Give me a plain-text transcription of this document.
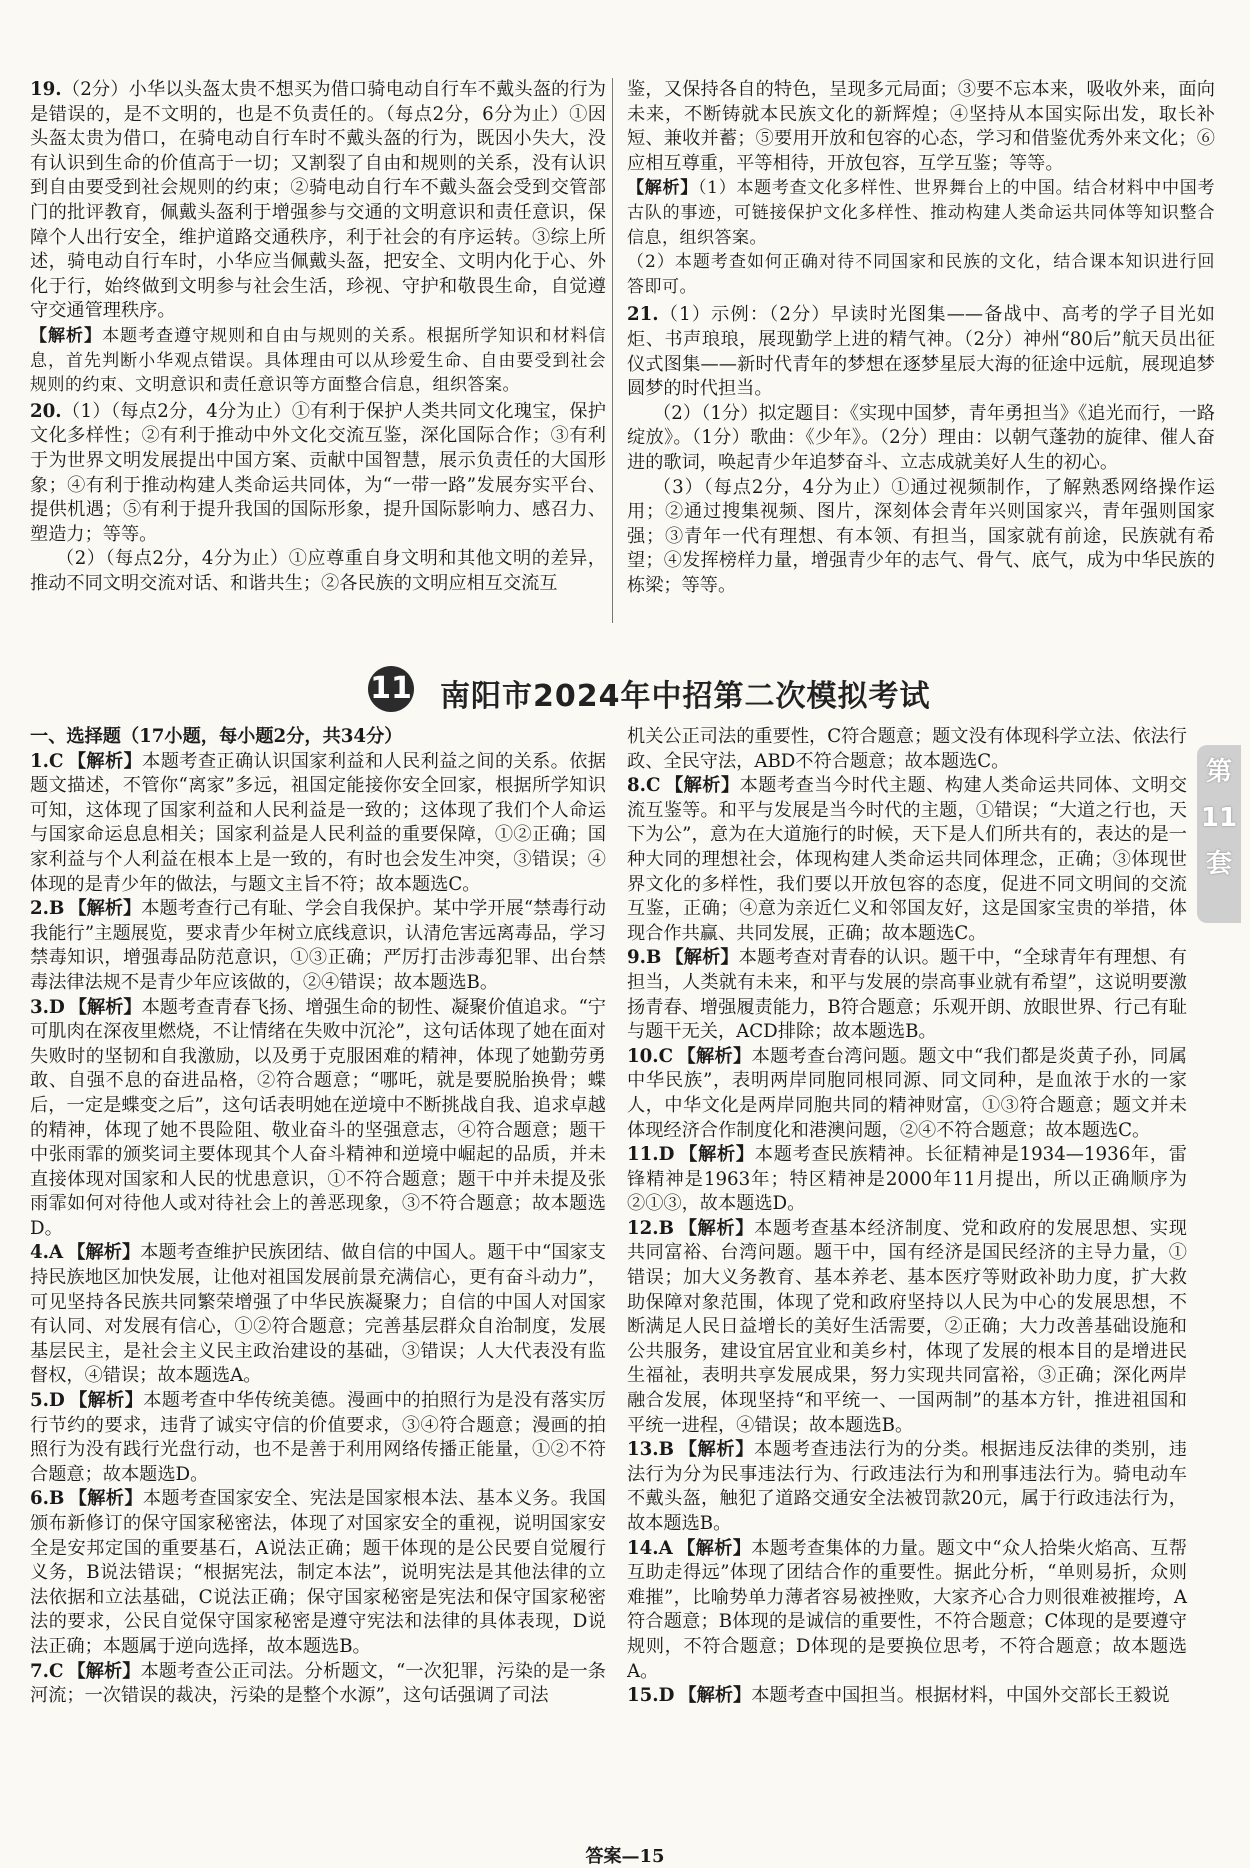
19.（2分）小华以头盔太贵不想买为借口骑电动自行车不戴头盔的行为是错误的，是不文明的，也是不负责任的。（每点2分，6分为止）①因头盔太贵为借口，在骑电动自行车时不戴头盔的行为，既因小失大，没有认识到生命的价值高于一切；又割裂了自由和规则的关系，没有认识到自由要受到社会规则的约束；②骑电动自行车不戴头盔会受到交管部门的批评教育，佩戴头盔利于增强参与交通的文明意识和责任意识，保障个人出行安全，维护道路交通秩序，利于社会的有序运转。③综上所述，骑电动自行车时，小华应当佩戴头盔，把安全、文明内化于心、外化于行，始终做到文明参与社会生活，珍视、守护和敬畏生命，自觉遵守交通管理秩序。

【解析】本题考查遵守规则和自由与规则的关系。根据所学知识和材料信息，首先判断小华观点错误。具体理由可以从珍爱生命、自由要受到社会规则的约束、文明意识和责任意识等方面整合信息，组织答案。

20.（1）（每点2分，4分为止）①有利于保护人类共同文化瑰宝，保护文化多样性；②有利于推动中外文化交流互鉴，深化国际合作；③有利于为世界文明发展提出中国方案、贡献中国智慧，展示负责任的大国形象；④有利于推动构建人类命运共同体，为“一带一路”发展夯实平台、提供机遇；⑤有利于提升我国的国际形象，提升国际影响力、感召力、塑造力；等等。

（2）（每点2分，4分为止）①应尊重自身文明和其他文明的差异，推动不同文明交流对话、和谐共生；②各民族的文明应相互交流互

鉴，又保持各自的特色，呈现多元局面；③要不忘本来，吸收外来，面向未来，不断铸就本民族文化的新辉煌；④坚持从本国实际出发，取长补短、兼收并蓄；⑤要用开放和包容的心态，学习和借鉴优秀外来文化；⑥应相互尊重，平等相待，开放包容，互学互鉴；等等。

【解析】（1）本题考查文化多样性、世界舞台上的中国。结合材料中中国考古队的事迹，可链接保护文化多样性、推动构建人类命运共同体等知识整合信息，组织答案。

（2）本题考查如何正确对待不同国家和民族的文化，结合课本知识进行回答即可。

21.（1）示例：（2分）早读时光图集——备战中、高考的学子目光如炬、书声琅琅，展现勤学上进的精气神。（2分）神州“80后”航天员出征仪式图集——新时代青年的梦想在逐梦星辰大海的征途中远航，展现追梦圆梦的时代担当。

（2）（1分）拟定题目：《实现中国梦，青年勇担当》《追光而行，一路绽放》。（1分）歌曲：《少年》。（2分）理由：以朝气蓬勃的旋律、催人奋进的歌词，唤起青少年追梦奋斗、立志成就美好人生的初心。

（3）（每点2分，4分为止）①通过视频制作，了解熟悉网络操作运用；②通过搜集视频、图片，深刻体会青年兴则国家兴，青年强则国家强；③青年一代有理想、有本领、有担当，国家就有前途，民族就有希望；④发挥榜样力量，增强青少年的志气、骨气、底气，成为中华民族的栋梁；等等。

11 南阳市2024年中招第二次模拟考试
第
11
套

一、选择题（17小题，每小题2分，共34分）

1.C 【解析】本题考查正确认识国家利益和人民利益之间的关系。依据题文描述，不管你“离家”多远，祖国定能接你安全回家，根据所学知识可知，这体现了国家利益和人民利益是一致的；这体现了我们个人命运与国家命运息息相关；国家利益是人民利益的重要保障，①②正确；国家利益与个人利益在根本上是一致的，有时也会发生冲突，③错误；④体现的是青少年的做法，与题文主旨不符；故本题选C。

2.B 【解析】本题考查行己有耻、学会自我保护。某中学开展“禁毒行动我能行”主题展览，要求青少年树立底线意识，认清危害远离毒品，学习禁毒知识，增强毒品防范意识，①③正确；严厉打击涉毒犯罪、出台禁毒法律法规不是青少年应该做的，②④错误；故本题选B。

3.D 【解析】本题考查青春飞扬、增强生命的韧性、凝聚价值追求。“宁可肌肉在深夜里燃烧，不让情绪在失败中沉沦”，这句话体现了她在面对失败时的坚韧和自我激励，以及勇于克服困难的精神，体现了她勤劳勇敢、自强不息的奋进品格，②符合题意；“哪吒，就是要脱胎换骨；蝶后，一定是蝶变之后”，这句话表明她在逆境中不断挑战自我、追求卓越的精神，体现了她不畏险阻、敬业奋斗的坚强意志，④符合题意；题干中张雨霏的颁奖词主要体现其个人奋斗精神和逆境中崛起的品质，并未直接体现对国家和人民的忧患意识，①不符合题意；题干中并未提及张雨霏如何对待他人或对待社会上的善恶现象，③不符合题意；故本题选D。

4.A 【解析】本题考查维护民族团结、做自信的中国人。题干中“国家支持民族地区加快发展，让他对祖国发展前景充满信心，更有奋斗动力”，可见坚持各民族共同繁荣增强了中华民族凝聚力；自信的中国人对国家有认同、对发展有信心，①②符合题意；完善基层群众自治制度，发展基层民主，是社会主义民主政治建设的基础，③错误；人大代表没有监督权，④错误；故本题选A。

5.D 【解析】本题考查中华传统美德。漫画中的拍照行为是没有落实厉行节约的要求，违背了诚实守信的价值要求，③④符合题意；漫画的拍照行为没有践行光盘行动，也不是善于利用网络传播正能量，①②不符合题意；故本题选D。

6.B 【解析】本题考查国家安全、宪法是国家根本法、基本义务。我国颁布新修订的保守国家秘密法，体现了对国家安全的重视，说明国家安全是安邦定国的重要基石，A说法正确；题干体现的是公民要自觉履行义务，B说法错误；“根据宪法，制定本法”，说明宪法是其他法律的立法依据和立法基础，C说法正确；保守国家秘密是宪法和保守国家秘密法的要求，公民自觉保守国家秘密是遵守宪法和法律的具体表现，D说法正确；本题属于逆向选择，故本题选B。

7.C 【解析】本题考查公正司法。分析题文，“一次犯罪，污染的是一条河流；一次错误的裁决，污染的是整个水源”，这句话强调了司法

机关公正司法的重要性，C符合题意；题文没有体现科学立法、依法行政、全民守法，ABD不符合题意；故本题选C。

8.C 【解析】本题考查当今时代主题、构建人类命运共同体、文明交流互鉴等。和平与发展是当今时代的主题，①错误；“大道之行也，天下为公”，意为在大道施行的时候，天下是人们所共有的，表达的是一种大同的理想社会，体现构建人类命运共同体理念，正确；③体现世界文化的多样性，我们要以开放包容的态度，促进不同文明间的交流互鉴，正确；④意为亲近仁义和邻国友好，这是国家宝贵的举措，体现合作共赢、共同发展，正确；故本题选C。

9.B 【解析】本题考查对青春的认识。题干中，“全球青年有理想、有担当，人类就有未来，和平与发展的崇高事业就有希望”，这说明要激扬青春、增强履责能力，B符合题意；乐观开朗、放眼世界、行己有耻与题干无关，ACD排除；故本题选B。

10.C 【解析】本题考查台湾问题。题文中“我们都是炎黄子孙，同属中华民族”，表明两岸同胞同根同源、同文同种，是血浓于水的一家人，中华文化是两岸同胞共同的精神财富，①③符合题意；题文并未体现经济合作制度化和港澳问题，②④不符合题意；故本题选C。

11.D 【解析】本题考查民族精神。长征精神是1934—1936年，雷锋精神是1963年；特区精神是2000年11月提出，所以正确顺序为②①③，故本题选D。

12.B 【解析】本题考查基本经济制度、党和政府的发展思想、实现共同富裕、台湾问题。题干中，国有经济是国民经济的主导力量，①错误；加大义务教育、基本养老、基本医疗等财政补助力度，扩大救助保障对象范围，体现了党和政府坚持以人民为中心的发展思想，不断满足人民日益增长的美好生活需要，②正确；大力改善基础设施和公共服务，建设宜居宜业和美乡村，体现了发展的根本目的是增进民生福祉，表明共享发展成果，努力实现共同富裕，③正确；深化两岸融合发展，体现坚持“和平统一、一国两制”的基本方针，推进祖国和平统一进程，④错误；故本题选B。

13.B 【解析】本题考查违法行为的分类。根据违反法律的类别，违法行为分为民事违法行为、行政违法行为和刑事违法行为。骑电动车不戴头盔，触犯了道路交通安全法被罚款20元，属于行政违法行为，故本题选B。

14.A 【解析】本题考查集体的力量。题文中“众人拾柴火焰高、互帮互助走得远”体现了团结合作的重要性。据此分析，“单则易折，众则难摧”，比喻势单力薄者容易被挫败，大家齐心合力则很难被摧垮，A符合题意；B体现的是诚信的重要性，不符合题意；C体现的是要遵守规则，不符合题意；D体现的是要换位思考，不符合题意；故本题选A。

15.D 【解析】本题考查中国担当。根据材料，中国外交部长王毅说

答案—15
